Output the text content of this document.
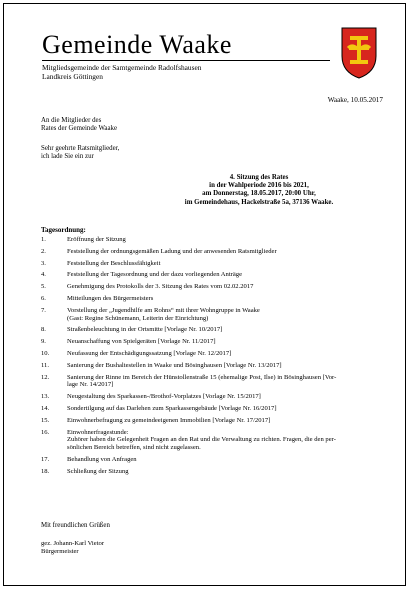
Gemeinde Waake
Mitgliedsgemeinde der Samtgemeinde Radolfshausen
Landkreis Göttingen
Waake, 10.05.2017
An die Mitglieder des
Rates der Gemeinde Waake
Sehr geehrte Ratsmitglieder,
ich lade Sie ein zur
4. Sitzung des Rates
in der Wahlperiode 2016 bis 2021,
am Donnerstag, 18.05.2017, 20:00 Uhr,
im Gemeindehaus, Hackelstraße 5a, 37136 Waake.
Tagesordnung:
1.	Eröffnung der Sitzung
2.	Feststellung der ordnungsgemäßen Ladung und der anwesenden Ratsmitglieder
3.	Feststellung der Beschlussfähigkeit
4.	Feststellung der Tagesordnung und der dazu vorliegenden Anträge
5.	Genehmigung des Protokolls der 3. Sitzung des Rates vom 02.02.2017
6.	Mitteilungen des Bürgermeisters
7.	Vorstellung der „Jugendhilfe am Rohns“ mit ihrer Wohngruppe in Waake
(Gast: Regine Schünemann, Leiterin der Einrichtung)
8.	Straßenbeleuchtung in der Ortsmitte [Vorlage Nr. 10/2017]
9.	Neuanschaffung von Spielgeräten [Vorlage Nr. 11/2017]
10.	Neufassung der Entschädigungssatzung [Vorlage Nr. 12/2017]
11.	Sanierung der Bushaltestellen in Waake und Bösinghausen [Vorlage Nr. 13/2017]
12.	Sanierung der Rinne im Bereich der Hünstollenstraße 15 (ehemalige Post, Ilse) in Bösinghausen [Vor-
lage Nr. 14/2017]
13.	Neugestaltung des Sparkassen-/Brothof-Vorplatzes [Vorlage Nr. 15/2017]
14.	Sondertilgung auf das Darlehen zum Sparkassengebäude [Vorlage Nr. 16/2017]
15.	Einwohnerbefragung zu gemeindeeigenen Immobilien [Vorlage Nr. 17/2017]
16.	Einwohnerfragestunde:
Zuhörer haben die Gelegenheit Fragen an den Rat und die Verwaltung zu richten. Fragen, die den per-
sönlichen Bereich betreffen, sind nicht zugelassen.
17.	Behandlung von Anfragen
18.	Schließung der Sitzung
Mit freundlichen Grüßen
gez. Johann-Karl Vietor
Bürgermeister
